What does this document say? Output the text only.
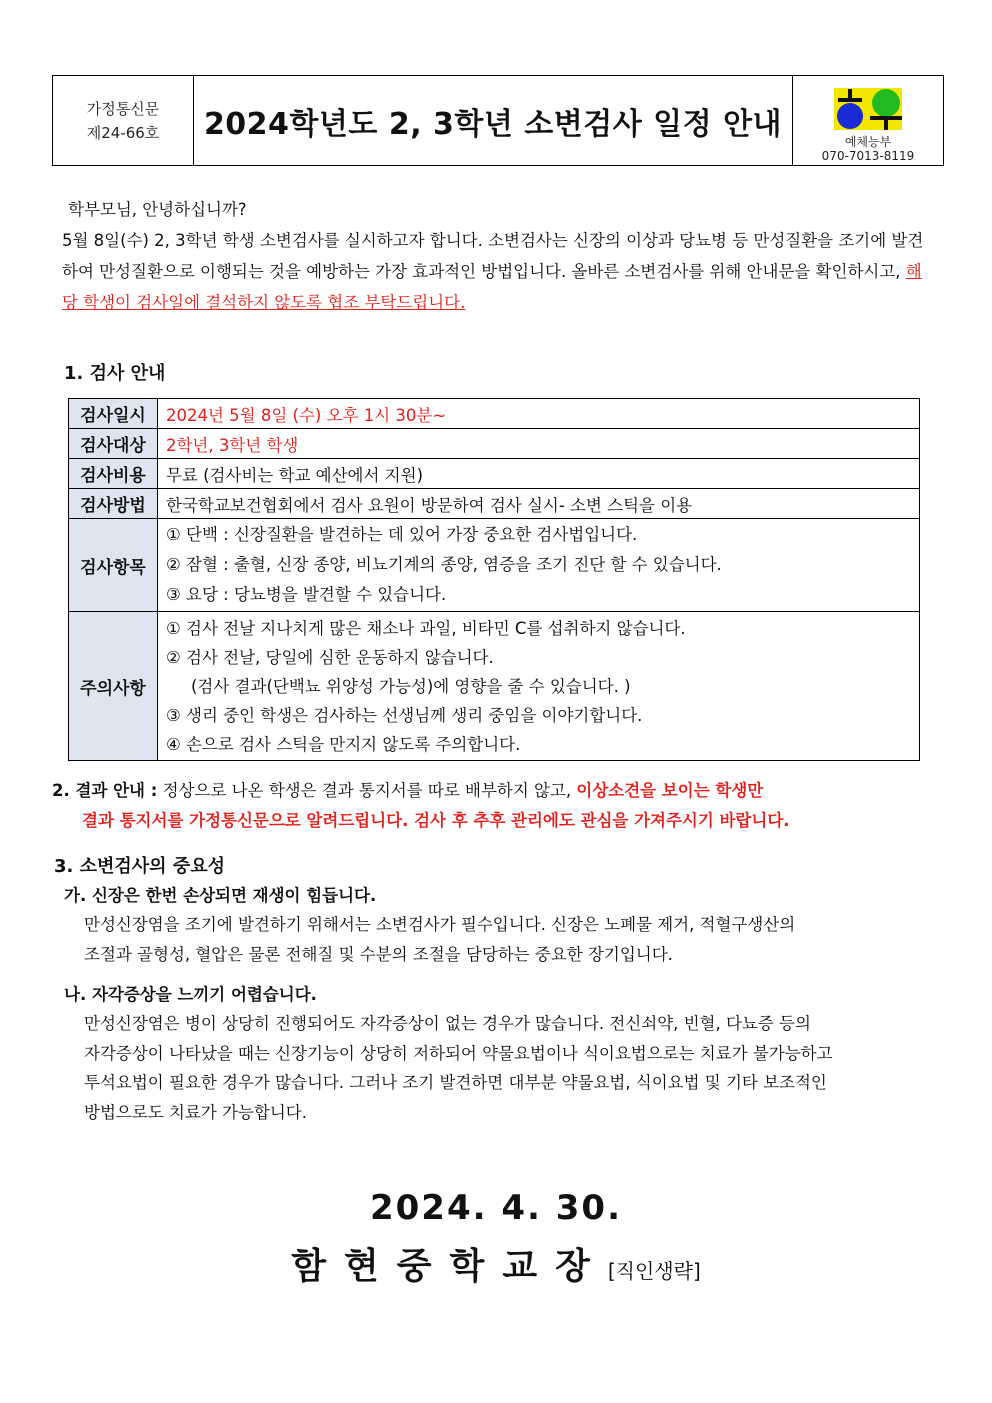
가정통신문
제24-66호	2024학년도 2, 3학년 소변검사 일정 안내
예체능부
070-7013-8119
학부모님, 안녕하십니까?
5월 8일(수) 2, 3학년 학생 소변검사를 실시하고자 합니다. 소변검사는 신장의 이상과 당뇨병 등 만성질환을 조기에 발견하여 만성질환으로 이행되는 것을 예방하는 가장 효과적인 방법입니다. 올바른 소변검사를 위해 안내문을 확인하시고, 해당 학생이 검사일에 결석하지 않도록 협조 부탁드립니다.
1. 검사 안내
검사일시	2024년 5월 8일 (수) 오후 1시 30분~
검사대상	2학년, 3학년 학생
검사비용	무료 (검사비는 학교 예산에서 지원)
검사방법	한국학교보건협회에서 검사 요원이 방문하여 검사 실시- 소변 스틱을 이용
검사항목	① 단백 : 신장질환을 발견하는 데 있어 가장 중요한 검사법입니다.
② 잠혈 : 출혈, 신장 종양, 비뇨기계의 종양, 염증을 조기 진단 할 수 있습니다.
③ 요당 : 당뇨병을 발견할 수 있습니다.

주의사항	① 검사 전날 지나치게 많은 채소나 과일, 비타민 C를 섭취하지 않습니다.
② 검사 전날, 당일에 심한 운동하지 않습니다.
(검사 결과(단백뇨 위양성 가능성)에 영향을 줄 수 있습니다. )
③ 생리 중인 학생은 검사하는 선생님께 생리 중임을 이야기합니다.
④ 손으로 검사 스틱을 만지지 않도록 주의합니다.
2. 결과 안내 : 정상으로 나온 학생은 결과 통지서를 따로 배부하지 않고, 이상소견을 보이는 학생만
결과 통지서를 가정통신문으로 알려드립니다. 검사 후 추후 관리에도 관심을 가져주시기 바랍니다.
3. 소변검사의 중요성
가. 신장은 한번 손상되면 재생이 힘듭니다.
만성신장염을 조기에 발견하기 위해서는 소변검사가 필수입니다. 신장은 노폐물 제거, 적혈구생산의
조절과 골형성, 혈압은 물론 전해질 및 수분의 조절을 담당하는 중요한 장기입니다.
나. 자각증상을 느끼기 어렵습니다.
만성신장염은 병이 상당히 진행되어도 자각증상이 없는 경우가 많습니다. 전신쇠약, 빈혈, 다뇨증 등의
자각증상이 나타났을 때는 신장기능이 상당히 저하되어 약물요법이나 식이요법으로는 치료가 불가능하고
투석요법이 필요한 경우가 많습니다. 그러나 조기 발견하면 대부분 약물요법, 식이요법 및 기타 보조적인
방법으로도 치료가 가능합니다.
2024. 4. 30.
함현중학교장[직인생략]
